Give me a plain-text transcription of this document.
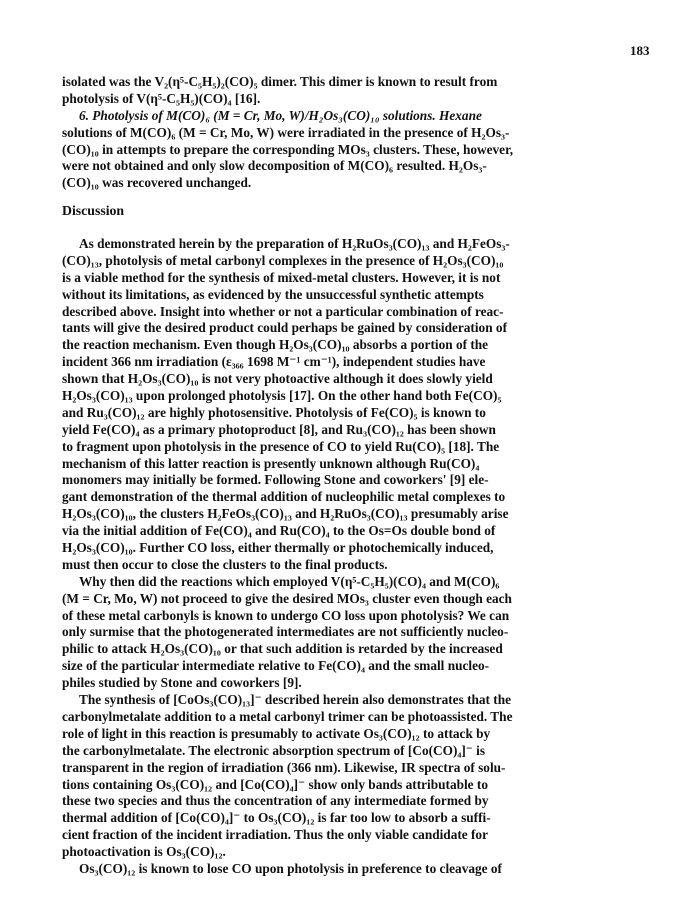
183
isolated was the V₂(η⁵-C₅H₅)₂(CO)₅ dimer. This dimer is known to result from
photolysis of V(η⁵-C₅H₅)(CO)₄ [16].
6. Photolysis of M(CO)₆ (M = Cr, Mo, W)/H₂Os₃(CO)₁₀ solutions. Hexane
solutions of M(CO)₆ (M = Cr, Mo, W) were irradiated in the presence of H₂Os₃-
(CO)₁₀ in attempts to prepare the corresponding MOs₃ clusters. These, however,
were not obtained and only slow decomposition of M(CO)₆ resulted. H₂Os₃-
(CO)₁₀ was recovered unchanged.
Discussion
As demonstrated herein by the preparation of H₂RuOs₃(CO)₁₃ and H₂FeOs₃-
(CO)₁₃, photolysis of metal carbonyl complexes in the presence of H₂Os₃(CO)₁₀
is a viable method for the synthesis of mixed-metal clusters. However, it is not
without its limitations, as evidenced by the unsuccessful synthetic attempts
described above. Insight into whether or not a particular combination of reac-
tants will give the desired product could perhaps be gained by consideration of
the reaction mechanism. Even though H₂Os₃(CO)₁₀ absorbs a portion of the
incident 366 nm irradiation (ε₃₆₆ 1698 M⁻¹ cm⁻¹), independent studies have
shown that H₂Os₃(CO)₁₀ is not very photoactive although it does slowly yield
H₂Os₃(CO)₁₃ upon prolonged photolysis [17]. On the other hand both Fe(CO)₅
and Ru₃(CO)₁₂ are highly photosensitive. Photolysis of Fe(CO)₅ is known to
yield Fe(CO)₄ as a primary photoproduct [8], and Ru₃(CO)₁₂ has been shown
to fragment upon photolysis in the presence of CO to yield Ru(CO)₅ [18]. The
mechanism of this latter reaction is presently unknown although Ru(CO)₄
monomers may initially be formed. Following Stone and coworkers' [9] ele-
gant demonstration of the thermal addition of nucleophilic metal complexes to
H₂Os₃(CO)₁₀, the clusters H₂FeOs₃(CO)₁₃ and H₂RuOs₃(CO)₁₃ presumably arise
via the initial addition of Fe(CO)₄ and Ru(CO)₄ to the Os=Os double bond of
H₂Os₃(CO)₁₀. Further CO loss, either thermally or photochemically induced,
must then occur to close the clusters to the final products.
Why then did the reactions which employed V(η⁵-C₅H₅)(CO)₄ and M(CO)₆
(M = Cr, Mo, W) not proceed to give the desired MOs₃ cluster even though each
of these metal carbonyls is known to undergo CO loss upon photolysis? We can
only surmise that the photogenerated intermediates are not sufficiently nucleo-
philic to attack H₂Os₃(CO)₁₀ or that such addition is retarded by the increased
size of the particular intermediate relative to Fe(CO)₄ and the small nucleo-
philes studied by Stone and coworkers [9].
The synthesis of [CoOs₃(CO)₁₃]⁻ described herein also demonstrates that the
carbonylmetalate addition to a metal carbonyl trimer can be photoassisted. The
role of light in this reaction is presumably to activate Os₃(CO)₁₂ to attack by
the carbonylmetalate. The electronic absorption spectrum of [Co(CO)₄]⁻ is
transparent in the region of irradiation (366 nm). Likewise, IR spectra of solu-
tions containing Os₃(CO)₁₂ and [Co(CO)₄]⁻ show only bands attributable to
these two species and thus the concentration of any intermediate formed by
thermal addition of [Co(CO)₄]⁻ to Os₃(CO)₁₂ is far too low to absorb a suffi-
cient fraction of the incident irradiation. Thus the only viable candidate for
photoactivation is Os₃(CO)₁₂.
Os₃(CO)₁₂ is known to lose CO upon photolysis in preference to cleavage of
